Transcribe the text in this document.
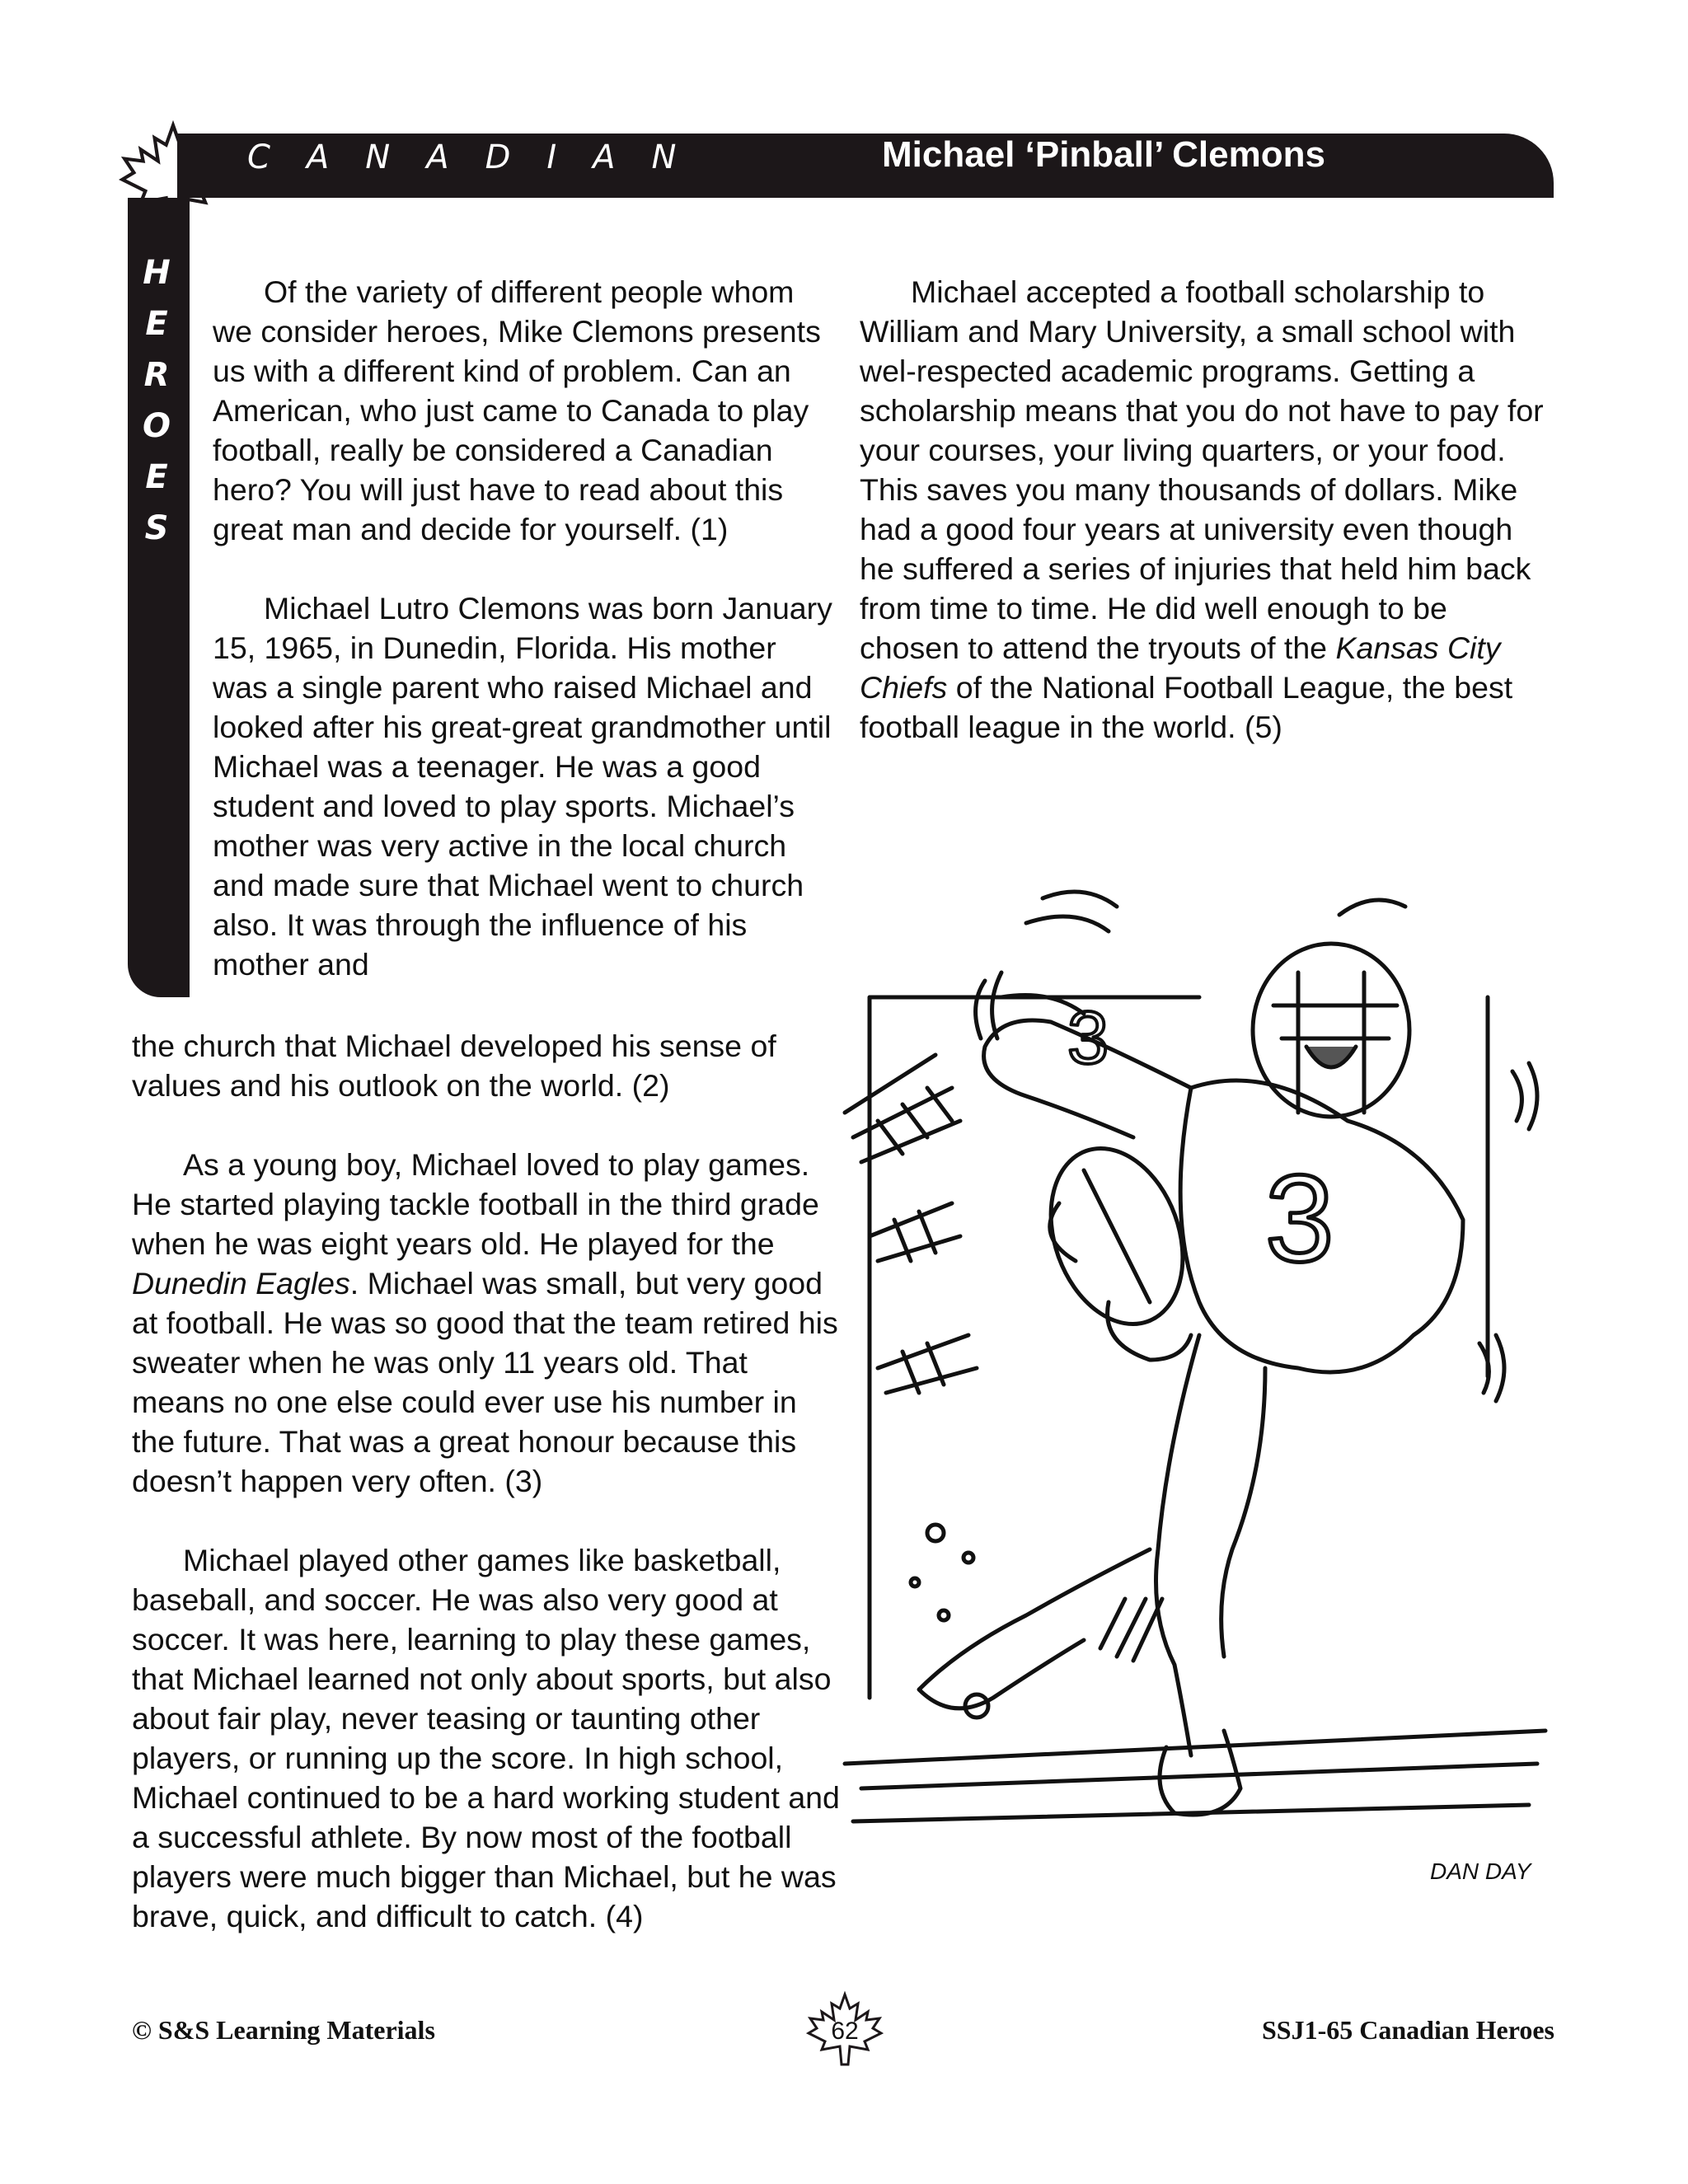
CANADIAN	Michael ‘Pinball’ Clemons
H
E
R
O
E
S

Of the variety of different people whom we consider heroes, Mike Clemons presents us with a different kind of problem. Can an American, who just came to Canada to play football, really be considered a Canadian hero? You will just have to read about this great man and decide for yourself. (1)

Michael Lutro Clemons was born January 15, 1965, in Dunedin, Florida. His mother was a single parent who raised Michael and looked after his great-great grandmother until Michael was a teenager. He was a good student and loved to play sports. Michael’s mother was very active in the local church and made sure that Michael went to church also. It was through the influence of his mother and

the church that Michael developed his sense of values and his outlook on the world. (2)

As a young boy, Michael loved to play games. He started playing tackle football in the third grade when he was eight years old. He played for the Dunedin Eagles. Michael was small, but very good at football. He was so good that the team retired his sweater when he was only 11 years old. That means no one else could ever use his number in the future. That was a great honour because this doesn’t happen very often. (3)

Michael played other games like basketball, baseball, and soccer. He was also very good at soccer. It was here, learning to play these games, that Michael learned not only about sports, but also about fair play, never teasing or taunting other players, or running up the score. In high school, Michael continued to be a hard working student and a successful athlete. By now most of the football players were much bigger than Michael, but he was brave, quick, and difficult to catch. (4)

Michael accepted a football scholarship to William and Mary University, a small school with wel-respected academic programs. Getting a scholarship means that you do not have to pay for your courses, your living quarters, or your food. This saves you many thousands of dollars. Mike had a good four years at university even though he suffered a series of injuries that held him back from time to time. He did well enough to be chosen to attend the tryouts of the Kansas City Chiefs of the National Football League, the best football league in the world. (5)

3
3
DAN DAY
© S&S Learning Materials	62	SSJ1-65 Canadian Heroes
